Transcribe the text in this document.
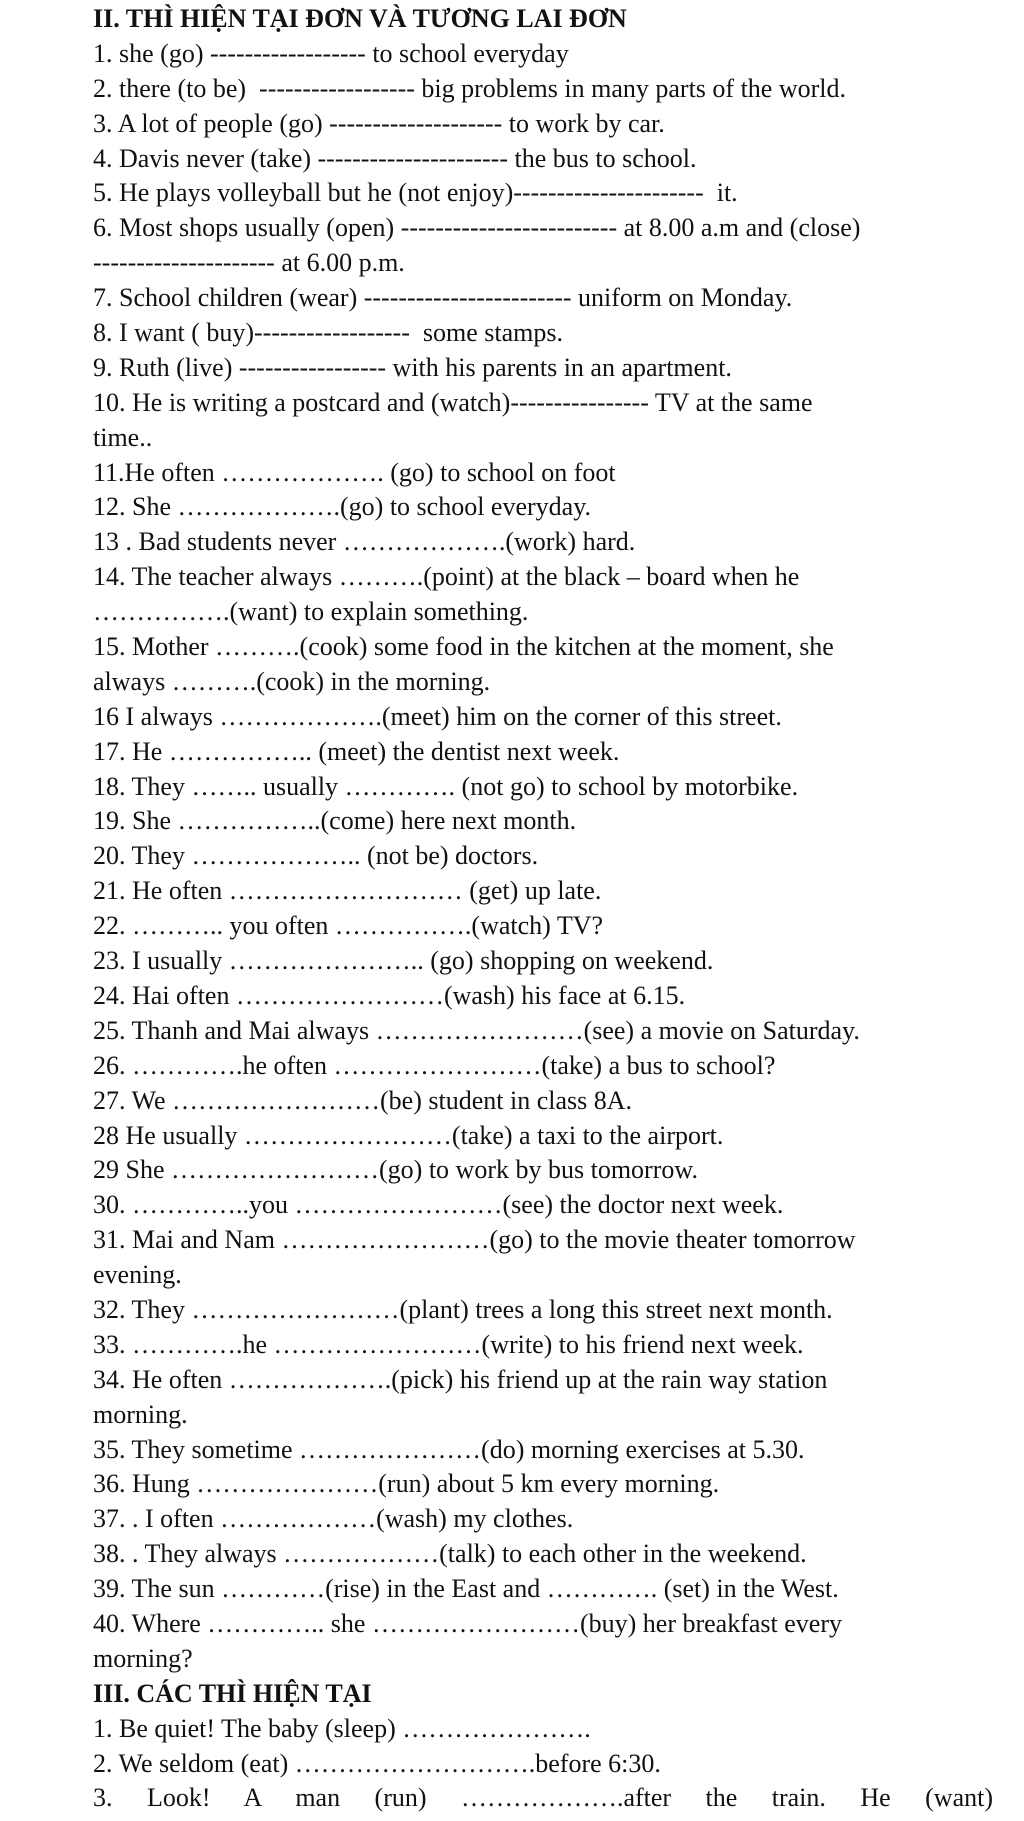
II. THÌ HIỆN TẠI ĐƠN VÀ TƯƠNG LAI ĐƠN
1. she (go) ------------------ to school everyday
2. there (to be)  ------------------ big problems in many parts of the world.
3. A lot of people (go) -------------------- to work by car.
4. Davis never (take) ---------------------- the bus to school.
5. He plays volleyball but he (not enjoy)----------------------  it.
6. Most shops usually (open) ------------------------- at 8.00 a.m and (close)
--------------------- at 6.00 p.m.
7. School children (wear) ------------------------ uniform on Monday.
8. I want ( buy)------------------  some stamps.
9. Ruth (live) ----------------- with his parents in an apartment.
10. He is writing a postcard and (watch)---------------- TV at the same
time..
11.He often ………………. (go) to school on foot
12. She ……………….(go) to school everyday.
13 . Bad students never ……………….(work) hard.
14. The teacher always ……….(point) at the black – board when he
…………….(want) to explain something.
15. Mother ……….(cook) some food in the kitchen at the moment, she
always ……….(cook) in the morning.
16 I always ……………….(meet) him on the corner of this street.
17. He …………….. (meet) the dentist next week.
18. They …….. usually …………. (not go) to school by motorbike.
19. She ……………..(come) here next month.
20. They ……………….. (not be) doctors.
21. He often ……………………… (get) up late.
22. ……….. you often …………….(watch) TV?
23. I usually ………………….. (go) shopping on weekend.
24. Hai often ……………………(wash) his face at 6.15.
25. Thanh and Mai always ……………………(see) a movie on Saturday.
26. ………….he often ……………………(take) a bus to school?
27. We ……………………(be) student in class 8A.
28 He usually ……………………(take) a taxi to the airport.
29 She ……………………(go) to work by bus tomorrow.
30. …………..you ……………………(see) the doctor next week.
31. Mai and Nam ……………………(go) to the movie theater tomorrow
evening.
32. They ……………………(plant) trees a long this street next month.
33. ………….he ……………………(write) to his friend next week.
34. He often ……………….(pick) his friend up at the rain way station
morning.
35. They sometime …………………(do) morning exercises at 5.30.
36. Hung …………………(run) about 5 km every morning.
37. . I often ………………(wash) my clothes.
38. . They always ………………(talk) to each other in the weekend.
39. The sun …………(rise) in the East and …………. (set) in the West.
40. Where ………….. she ……………………(buy) her breakfast every
morning?
III. CÁC THÌ HIỆN TẠI
1. Be quiet! The baby (sleep) ………………….
2. We seldom (eat) ……………………….before 6:30.
3. Look! A man (run) ……………….after the train. He (want)
